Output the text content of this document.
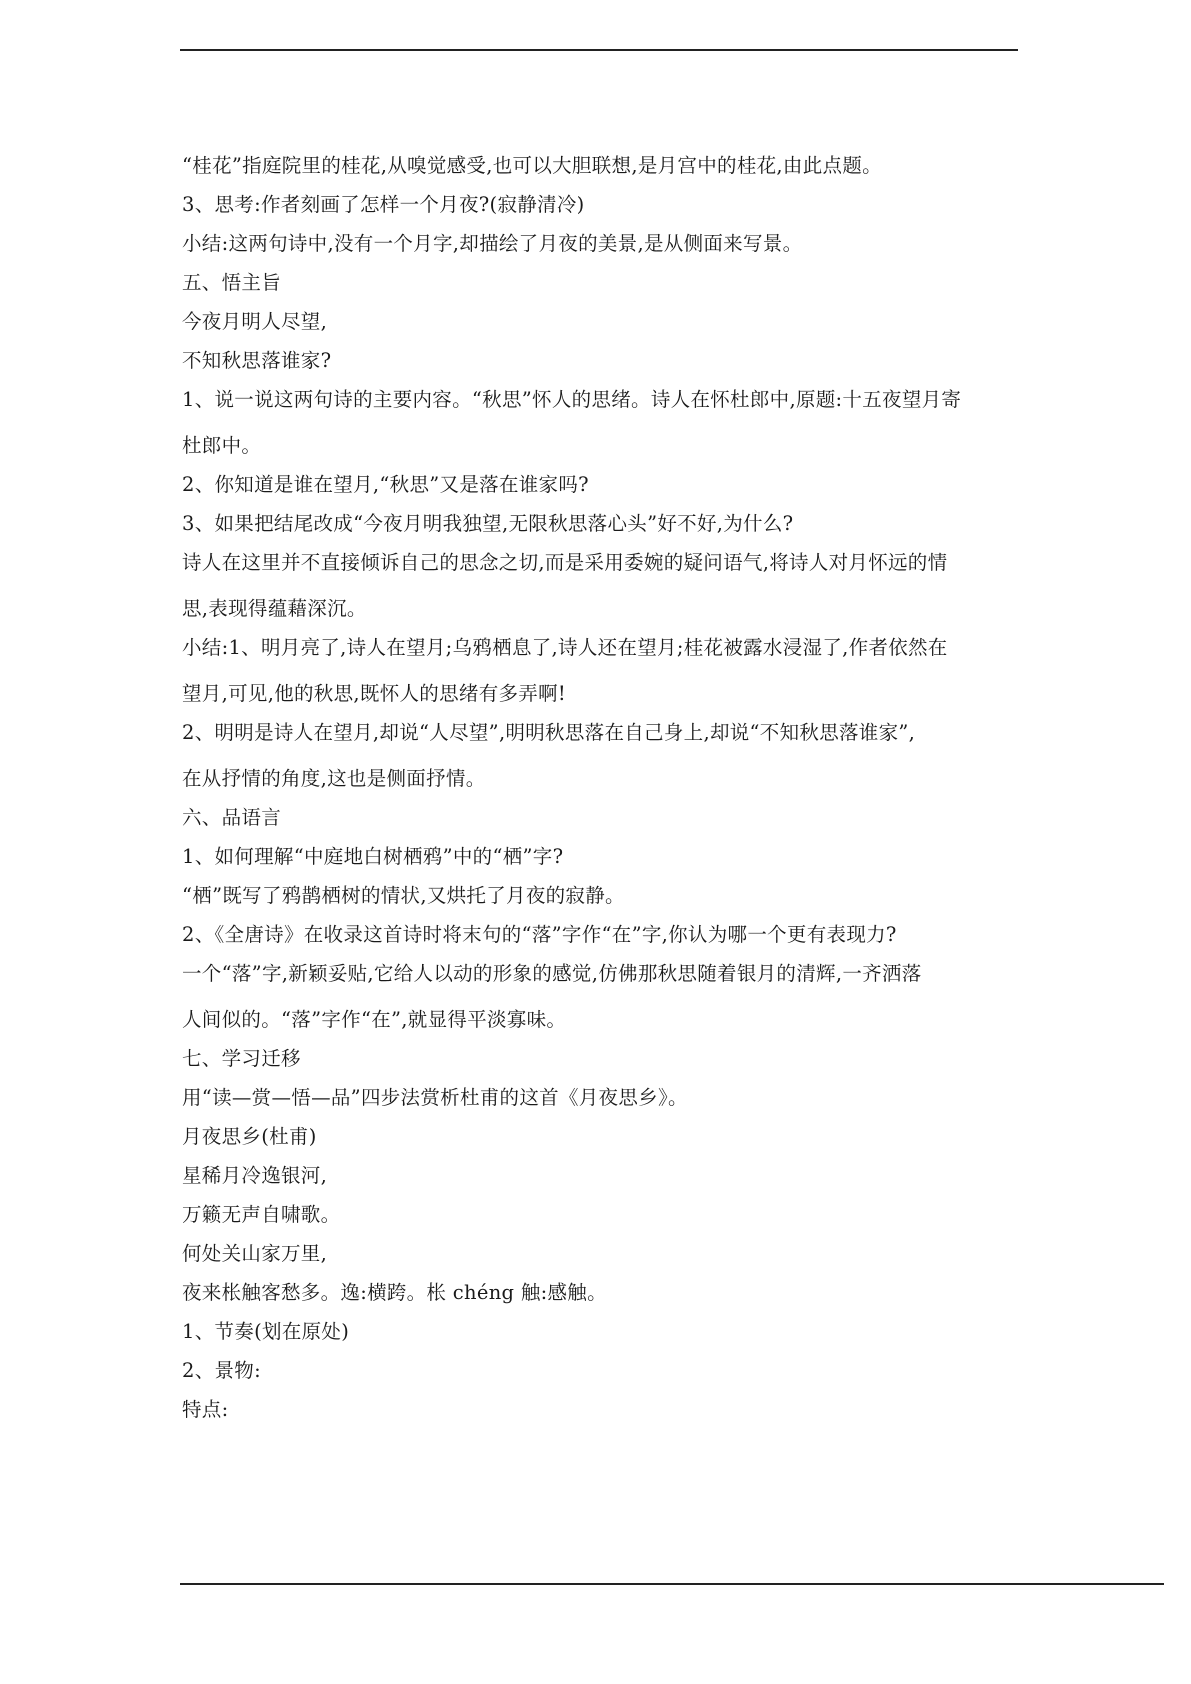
“桂花”指庭院里的桂花,从嗅觉感受,也可以大胆联想,是月宫中的桂花,由此点题。
3、思考:作者刻画了怎样一个月夜?(寂静清冷)
小结:这两句诗中,没有一个月字,却描绘了月夜的美景,是从侧面来写景。
五、悟主旨
今夜月明人尽望,
不知秋思落谁家?
1、说一说这两句诗的主要内容。“秋思”怀人的思绪。诗人在怀杜郎中,原题:十五夜望月寄
杜郎中。
2、你知道是谁在望月,“秋思”又是落在谁家吗?
3、如果把结尾改成“今夜月明我独望,无限秋思落心头”好不好,为什么?
诗人在这里并不直接倾诉自己的思念之切,而是采用委婉的疑问语气,将诗人对月怀远的情
思,表现得蕴藉深沉。
小结:1、明月亮了,诗人在望月;乌鸦栖息了,诗人还在望月;桂花被露水浸湿了,作者依然在
望月,可见,他的秋思,既怀人的思绪有多弄啊!
2、明明是诗人在望月,却说“人尽望”,明明秋思落在自己身上,却说“不知秋思落谁家”,
在从抒情的角度,这也是侧面抒情。
六、品语言
1、如何理解“中庭地白树栖鸦”中的“栖”字?
“栖”既写了鸦鹊栖树的情状,又烘托了月夜的寂静。
2、《全唐诗》在收录这首诗时将末句的“落”字作“在”字,你认为哪一个更有表现力?
一个“落”字,新颖妥贴,它给人以动的形象的感觉,仿佛那秋思随着银月的清辉,一齐洒落
人间似的。“落”字作“在”,就显得平淡寡味。
七、学习迁移
用“读—赏—悟—品”四步法赏析杜甫的这首《月夜思乡》。
月夜思乡(杜甫)
星稀月冷逸银河,
万籁无声自啸歌。
何处关山家万里,
夜来枨触客愁多。逸:横跨。枨 chéng 触:感触。
1、节奏(划在原处)
2、景物:
特点:
